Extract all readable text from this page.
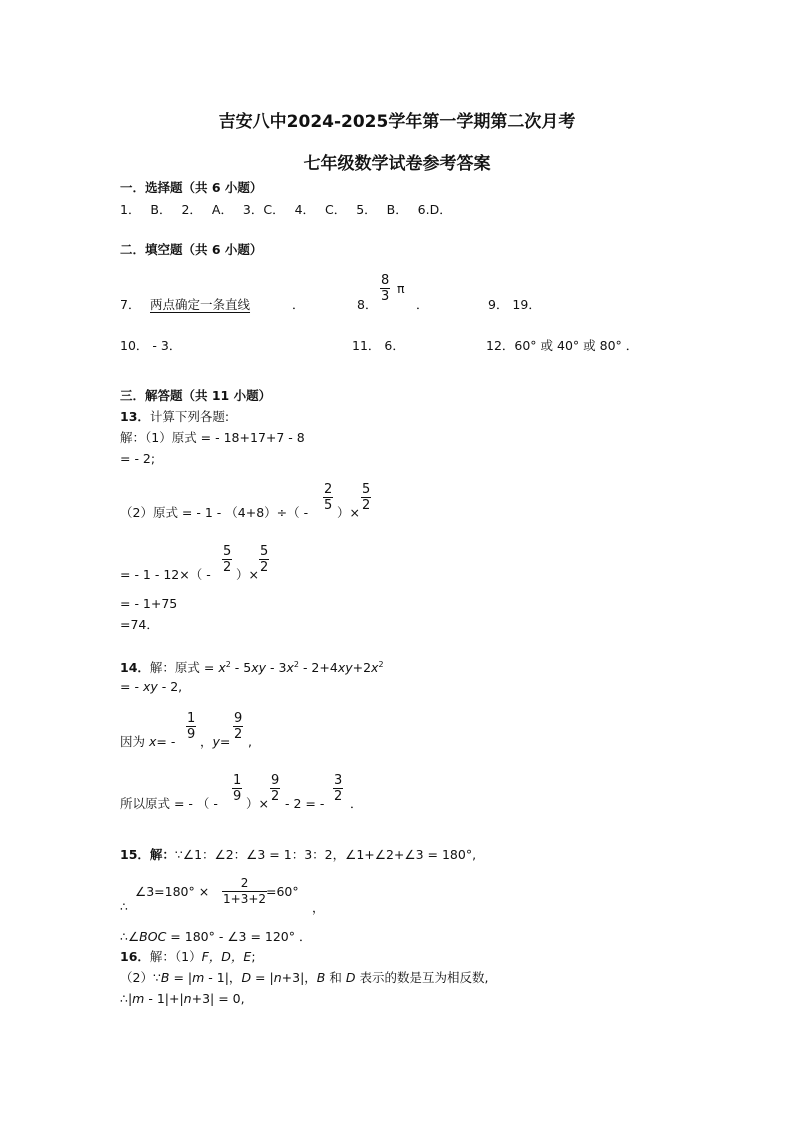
吉安八中2024-2025学年第一学期第二次月考
七年级数学试卷参考答案
一．选择题（共 6 小题）
1． B． 2． A． 3．C． 4． C． 5． B． 6.D．
二．填空题（共 6 小题）
7． 两点确定一条直线	．	8．
$\frac{8}{3}$ π
．	9． 19．
10． - 3．	11． 6．	12．60° 或 40° 或 80° ．
三．解答题（共 11 小题）
13．计算下列各题:
解：（1）原式 = - 18+17+7 - 8
= - 2;
（2）原式 = - $1 - (4+8)\div( - \frac{2}{5}$ ）× $\frac{5}{2}$
= - $1 - 12\times( - \frac{5}{2}$ ）× $\frac{5}{2}$
= - 1+75
=74．
14．解：原式 = $x^2 - 5xy - 3x^2 - 2+4xy+2x^2$
= - xy - 2,
因为 $x= - \frac{1}{9}$ ，$y= \frac{9}{2}$ ,
所以原式 = - （ - $\frac{1}{9}$ ）× $\frac{9}{2} - 2$ = - $\frac{3}{2}$ ．
15．解：∵∠1：∠2：∠3 = 1：3：2，∠1+∠2+∠3 = 180°,
∴
∠3=180° × $\frac{2}{1+3+2}$
=60°
，
∴∠BOC = 180° - ∠3 = 120° ．
16．解：（1）F，D，E;
（2）∵B = |m - 1|，D = |n+3|，B 和 D 表示的数是互为相反数,
∴|m - 1|+|n+3| = 0,
